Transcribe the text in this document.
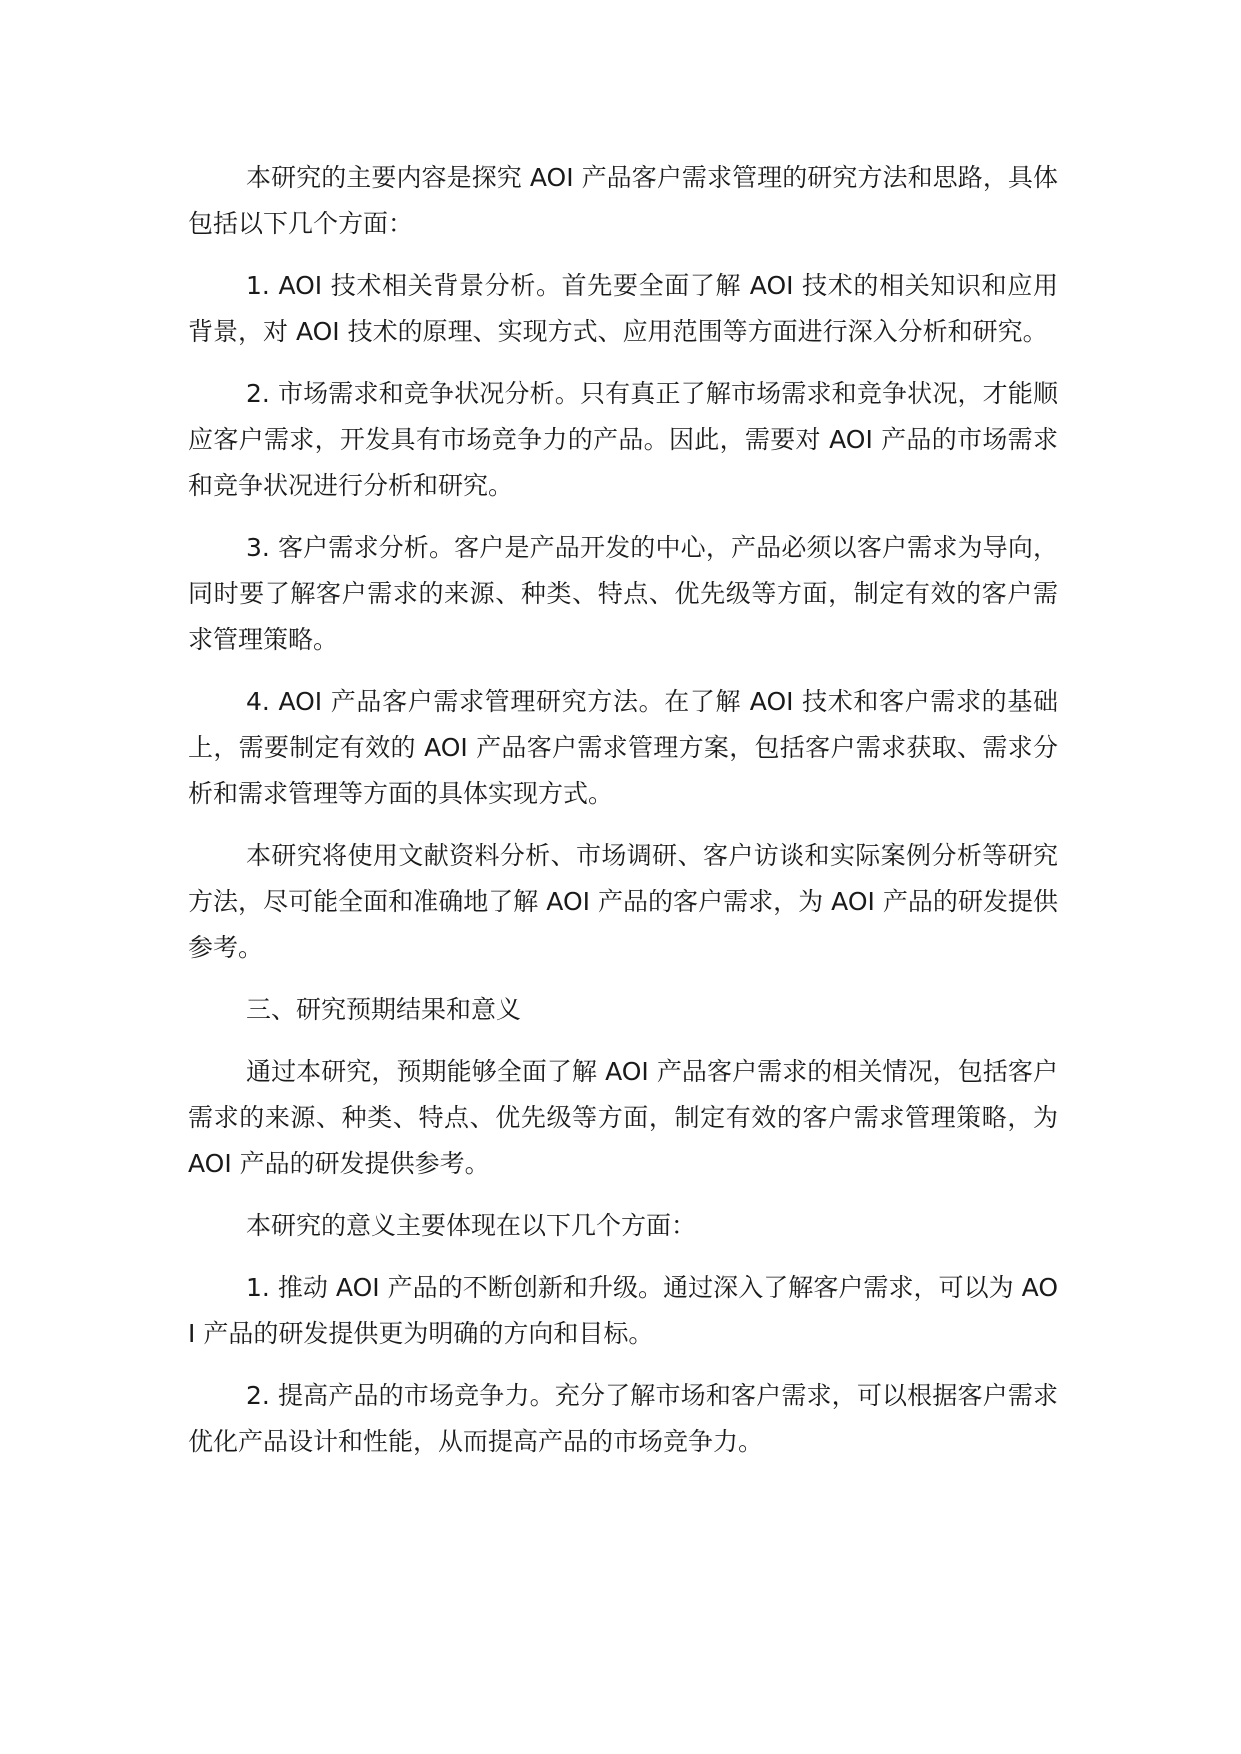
本研究的主要内容是探究 AOI 产品客户需求管理的研究方法和思路，具体包括以下几个方面：

1. AOI 技术相关背景分析。首先要全面了解 AOI 技术的相关知识和应用背景，对 AOI 技术的原理、实现方式、应用范围等方面进行深入分析和研究。

2. 市场需求和竞争状况分析。只有真正了解市场需求和竞争状况，才能顺应客户需求，开发具有市场竞争力的产品。因此，需要对 AOI 产品的市场需求和竞争状况进行分析和研究。

3. 客户需求分析。客户是产品开发的中心，产品必须以客户需求为导向，同时要了解客户需求的来源、种类、特点、优先级等方面，制定有效的客户需求管理策略。

4. AOI 产品客户需求管理研究方法。在了解 AOI 技术和客户需求的基础上，需要制定有效的 AOI 产品客户需求管理方案，包括客户需求获取、需求分析和需求管理等方面的具体实现方式。

本研究将使用文献资料分析、市场调研、客户访谈和实际案例分析等研究方法，尽可能全面和准确地了解 AOI 产品的客户需求，为 AOI 产品的研发提供参考。

三、研究预期结果和意义

通过本研究，预期能够全面了解 AOI 产品客户需求的相关情况，包括客户需求的来源、种类、特点、优先级等方面，制定有效的客户需求管理策略，为 AOI 产品的研发提供参考。

本研究的意义主要体现在以下几个方面：

1. 推动 AOI 产品的不断创新和升级。通过深入了解客户需求，可以为 AOI 产品的研发提供更为明确的方向和目标。

2. 提高产品的市场竞争力。充分了解市场和客户需求，可以根据客户需求优化产品设计和性能，从而提高产品的市场竞争力。
